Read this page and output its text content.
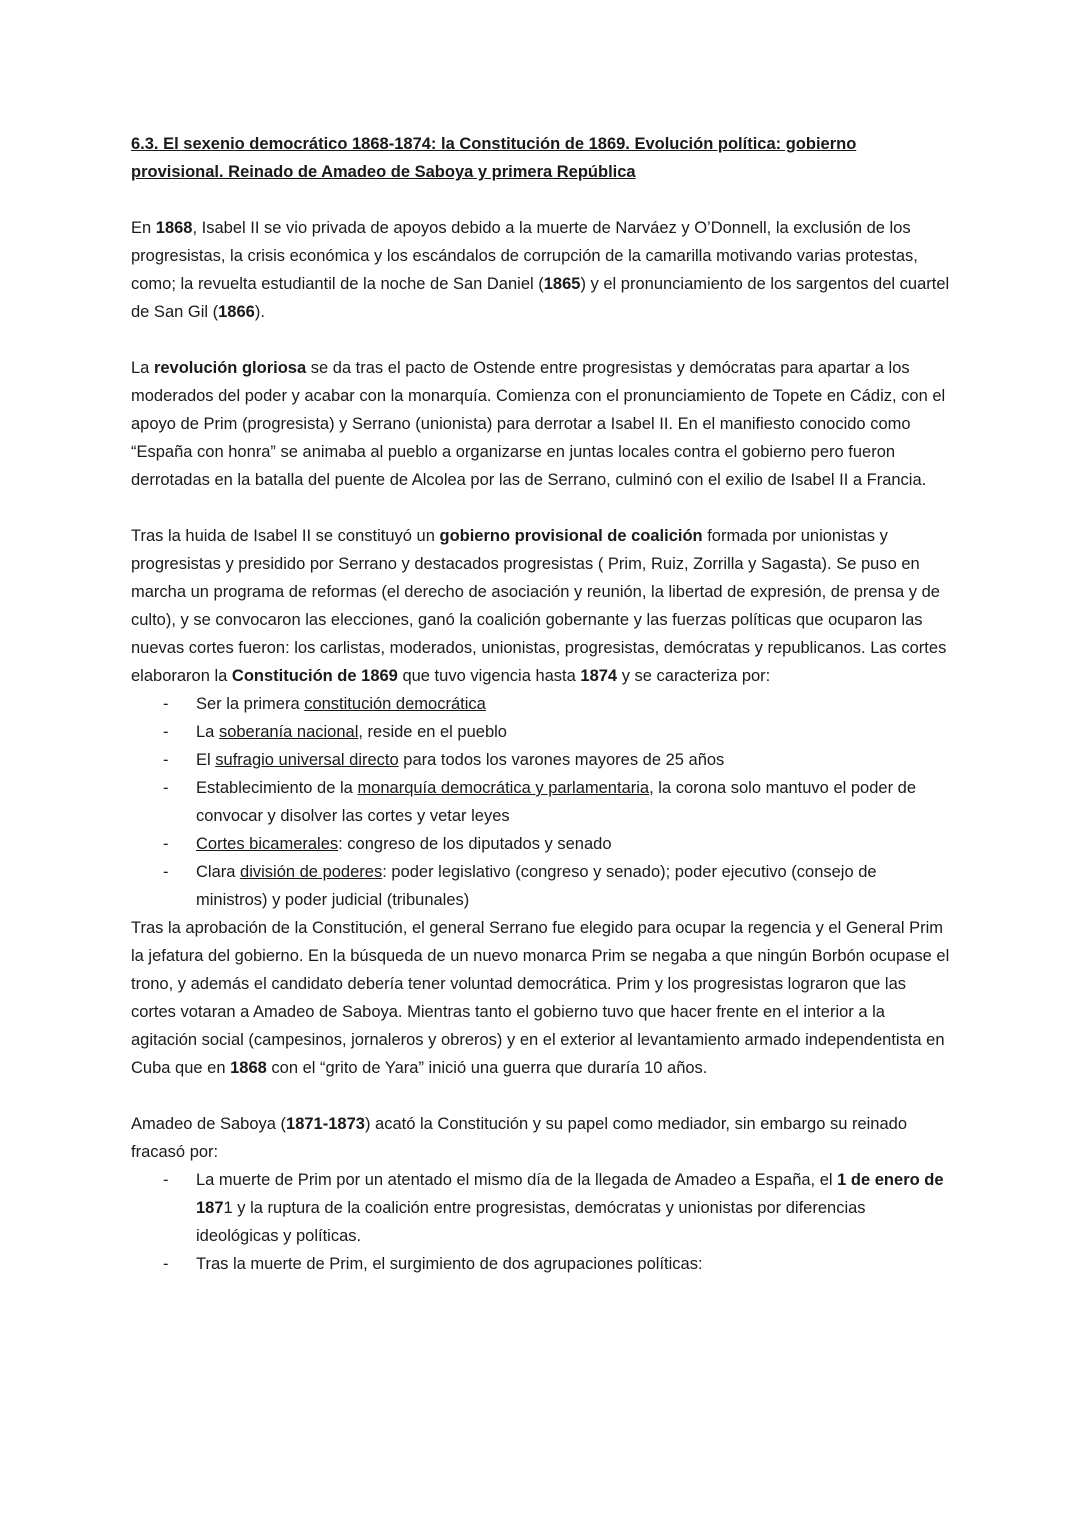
6.3. El sexenio democrático 1868-1874: la Constitución de 1869. Evolución política: gobierno provisional. Reinado de Amadeo de Saboya y primera República

En 1868, Isabel II se vio privada de apoyos debido a la muerte de Narváez y O’Donnell, la exclusión de los progresistas, la crisis económica y los escándalos de corrupción de la camarilla motivando varias protestas, como; la revuelta estudiantil de la noche de San Daniel (1865) y el pronunciamiento de los sargentos del cuartel de San Gil (1866).

La revolución gloriosa se da tras el pacto de Ostende entre progresistas y demócratas para apartar a los moderados del poder y acabar con la monarquía. Comienza con el pronunciamiento de Topete en Cádiz, con el apoyo de Prim (progresista) y Serrano (unionista) para derrotar a Isabel II. En el manifiesto conocido como “España con honra” se animaba al pueblo a organizarse en juntas locales contra el gobierno pero fueron derrotadas en la batalla del puente de Alcolea por las de Serrano, culminó con el exilio de Isabel II a Francia.

Tras la huida de Isabel II se constituyó un gobierno provisional de coalición formada por unionistas y progresistas y presidido por Serrano y destacados progresistas ( Prim, Ruiz, Zorrilla y Sagasta). Se puso en marcha un programa de reformas (el derecho de asociación y reunión, la libertad de expresión, de prensa y de culto), y se convocaron las elecciones, ganó la coalición gobernante y las fuerzas políticas que ocuparon las nuevas cortes fueron: los carlistas, moderados, unionistas, progresistas, demócratas y republicanos. Las cortes elaboraron la Constitución de 1869 que tuvo vigencia hasta 1874 y se caracteriza por:

- Ser la primera constitución democrática
- La soberanía nacional, reside en el pueblo
- El sufragio universal directo para todos los varones mayores de 25 años
- Establecimiento de la monarquía democrática y parlamentaria, la corona solo mantuvo el poder de convocar y disolver las cortes y vetar leyes
- Cortes bicamerales: congreso de los diputados y senado
- Clara división de poderes: poder legislativo (congreso y senado); poder ejecutivo (consejo de ministros) y poder judicial (tribunales)

Tras la aprobación de la Constitución, el general Serrano fue elegido para ocupar la regencia y el General Prim la jefatura del gobierno. En la búsqueda de un nuevo monarca Prim se negaba a que ningún Borbón ocupase el trono, y además el candidato debería tener voluntad democrática. Prim y los progresistas lograron que las cortes votaran a Amadeo de Saboya. Mientras tanto el gobierno tuvo que hacer frente en el interior a la agitación social (campesinos, jornaleros y obreros) y en el exterior al levantamiento armado independentista en Cuba que en 1868 con el “grito de Yara” inició una guerra que duraría 10 años.

Amadeo de Saboya (1871-1873) acató la Constitución y su papel como mediador, sin embargo su reinado fracasó por:

- La muerte de Prim por un atentado el mismo día de la llegada de Amadeo a España, el 1 de enero de 1871 y la ruptura de la coalición entre progresistas, demócratas y unionistas por diferencias ideológicas y políticas.
- Tras la muerte de Prim, el surgimiento de dos agrupaciones políticas:
